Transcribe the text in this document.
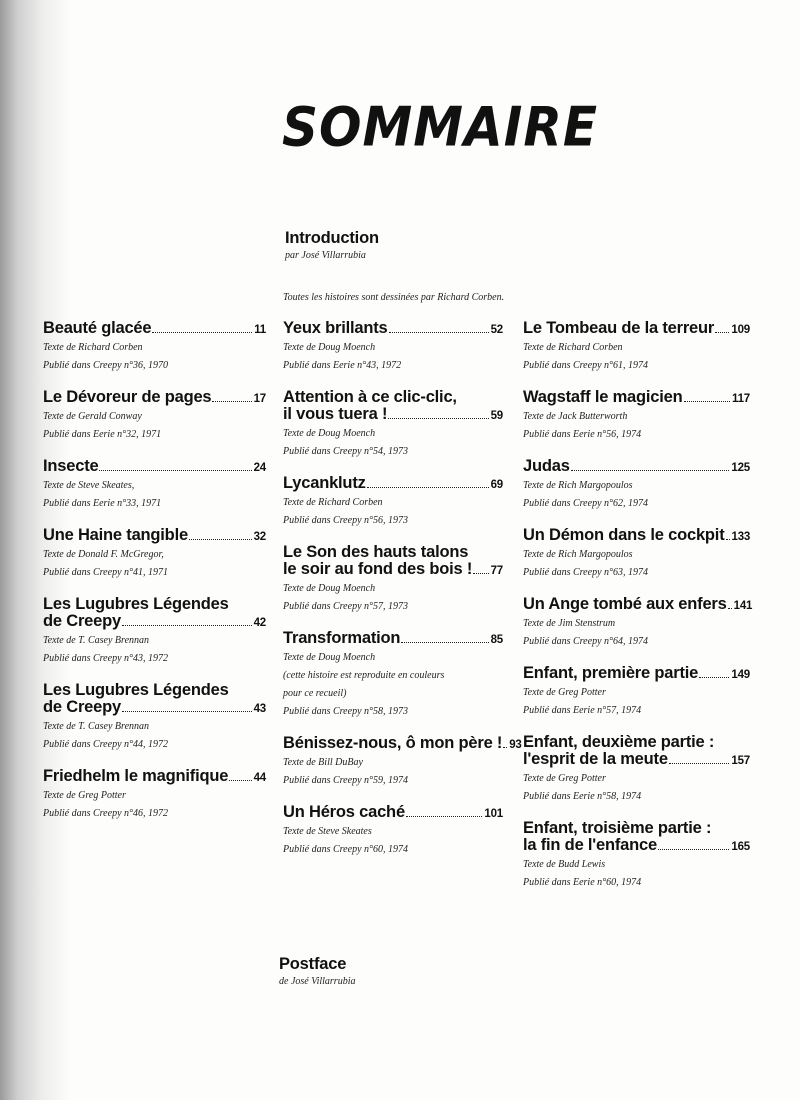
SOMMAIRE
Introduction
par José Villarrubia
Toutes les histoires sont dessinées par Richard Corben.
Beauté glacée	11
Texte de Richard Corben
Publié dans Creepy n°36, 1970
Le Dévoreur de pages	17
Texte de Gerald Conway
Publié dans Eerie n°32, 1971
Insecte	24
Texte de Steve Skeates,
Publié dans Eerie n°33, 1971
Une Haine tangible	32
Texte de Donald F. McGregor,
Publié dans Creepy n°41, 1971
Les Lugubres Légendes
de Creepy	42
Texte de T. Casey Brennan
Publié dans Creepy n°43, 1972
Les Lugubres Légendes
de Creepy	43
Texte de T. Casey Brennan
Publié dans Creepy n°44, 1972
Friedhelm le magnifique 44
Texte de Greg Potter
Publié dans Creepy n°46, 1972
Yeux brillants	52
Texte de Doug Moench
Publié dans Eerie n°43, 1972
Attention à ce clic-clic,
il vous tuera !	59
Texte de Doug Moench
Publié dans Creepy n°54, 1973
Lycanklutz	69
Texte de Richard Corben
Publié dans Creepy n°56, 1973
Le Son des hauts talons
le soir au fond des bois ! 77
Texte de Doug Moench
Publié dans Creepy n°57, 1973
Transformation	85
Texte de Doug Moench
(cette histoire est reproduite en couleurs
pour ce recueil)
Publié dans Creepy n°58, 1973
Bénissez-nous, ô mon père ! 93
Texte de Bill DuBay
Publié dans Creepy n°59, 1974
Un Héros caché	101
Texte de Steve Skeates
Publié dans Creepy n°60, 1974
Le Tombeau de la terreur 109
Texte de Richard Corben
Publié dans Creepy n°61, 1974
Wagstaff le magicien	117
Texte de Jack Butterworth
Publié dans Eerie n°56, 1974
Judas	125
Texte de Rich Margopoulos
Publié dans Creepy n°62, 1974
Un Démon dans le cockpit 133
Texte de Rich Margopoulos
Publié dans Creepy n°63, 1974
Un Ange tombé aux enfers 141
Texte de Jim Stenstrum
Publié dans Creepy n°64, 1974
Enfant, première partie	149
Texte de Greg Potter
Publié dans Eerie n°57, 1974
Enfant, deuxième partie :
l'esprit de la meute	157
Texte de Greg Potter
Publié dans Eerie n°58, 1974
Enfant, troisième partie :
la fin de l'enfance	165
Texte de Budd Lewis
Publié dans Eerie n°60, 1974
Postface
de José Villarrubia
